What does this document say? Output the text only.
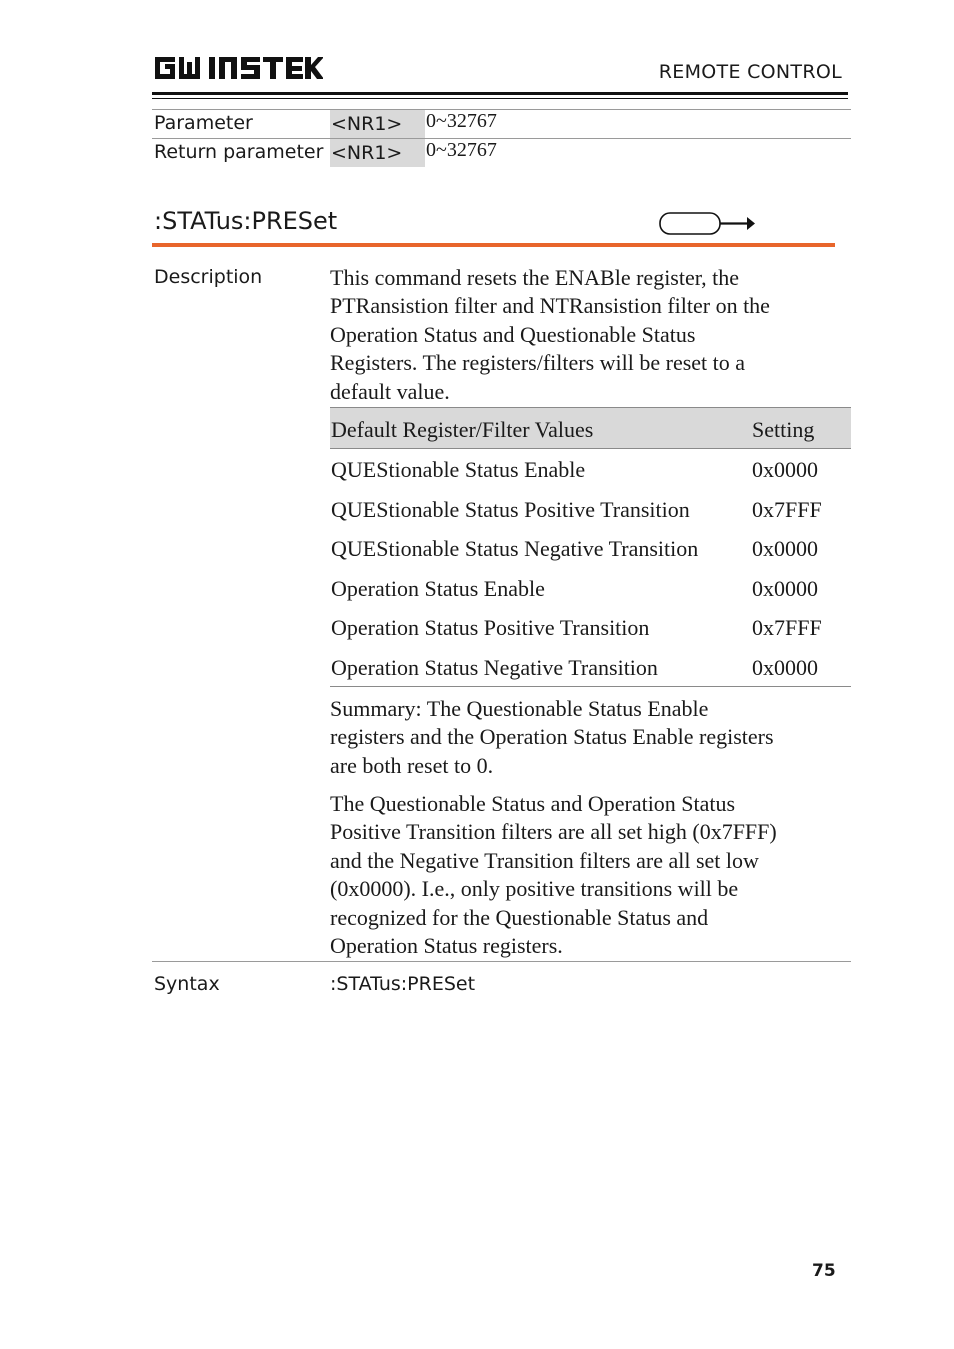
REMOTE CONTROL
Parameter	<NR1>	0~32767
Return parameter <NR1>	0~32767
:STATus:PRESet
Description	This command resets the ENABle register, the
PTRansistion filter and NTRansistion filter on the
Operation Status and Questionable Status
Registers. The registers/filters will be reset to a
default value.
Default Register/Filter Values	Setting
QUEStionable Status Enable	0x0000
QUEStionable Status Positive Transition	0x7FFF
QUEStionable Status Negative Transition 0x0000
Operation Status Enable	0x0000
Operation Status Positive Transition	0x7FFF
Operation Status Negative Transition	0x0000
Summary: The Questionable Status Enable
registers and the Operation Status Enable registers
are both reset to 0.
The Questionable Status and Operation Status
Positive Transition filters are all set high (0x7FFF)
and the Negative Transition filters are all set low
(0x0000). I.e., only positive transitions will be
recognized for the Questionable Status and
Operation Status registers.
Syntax	:STATus:PRESet
75
